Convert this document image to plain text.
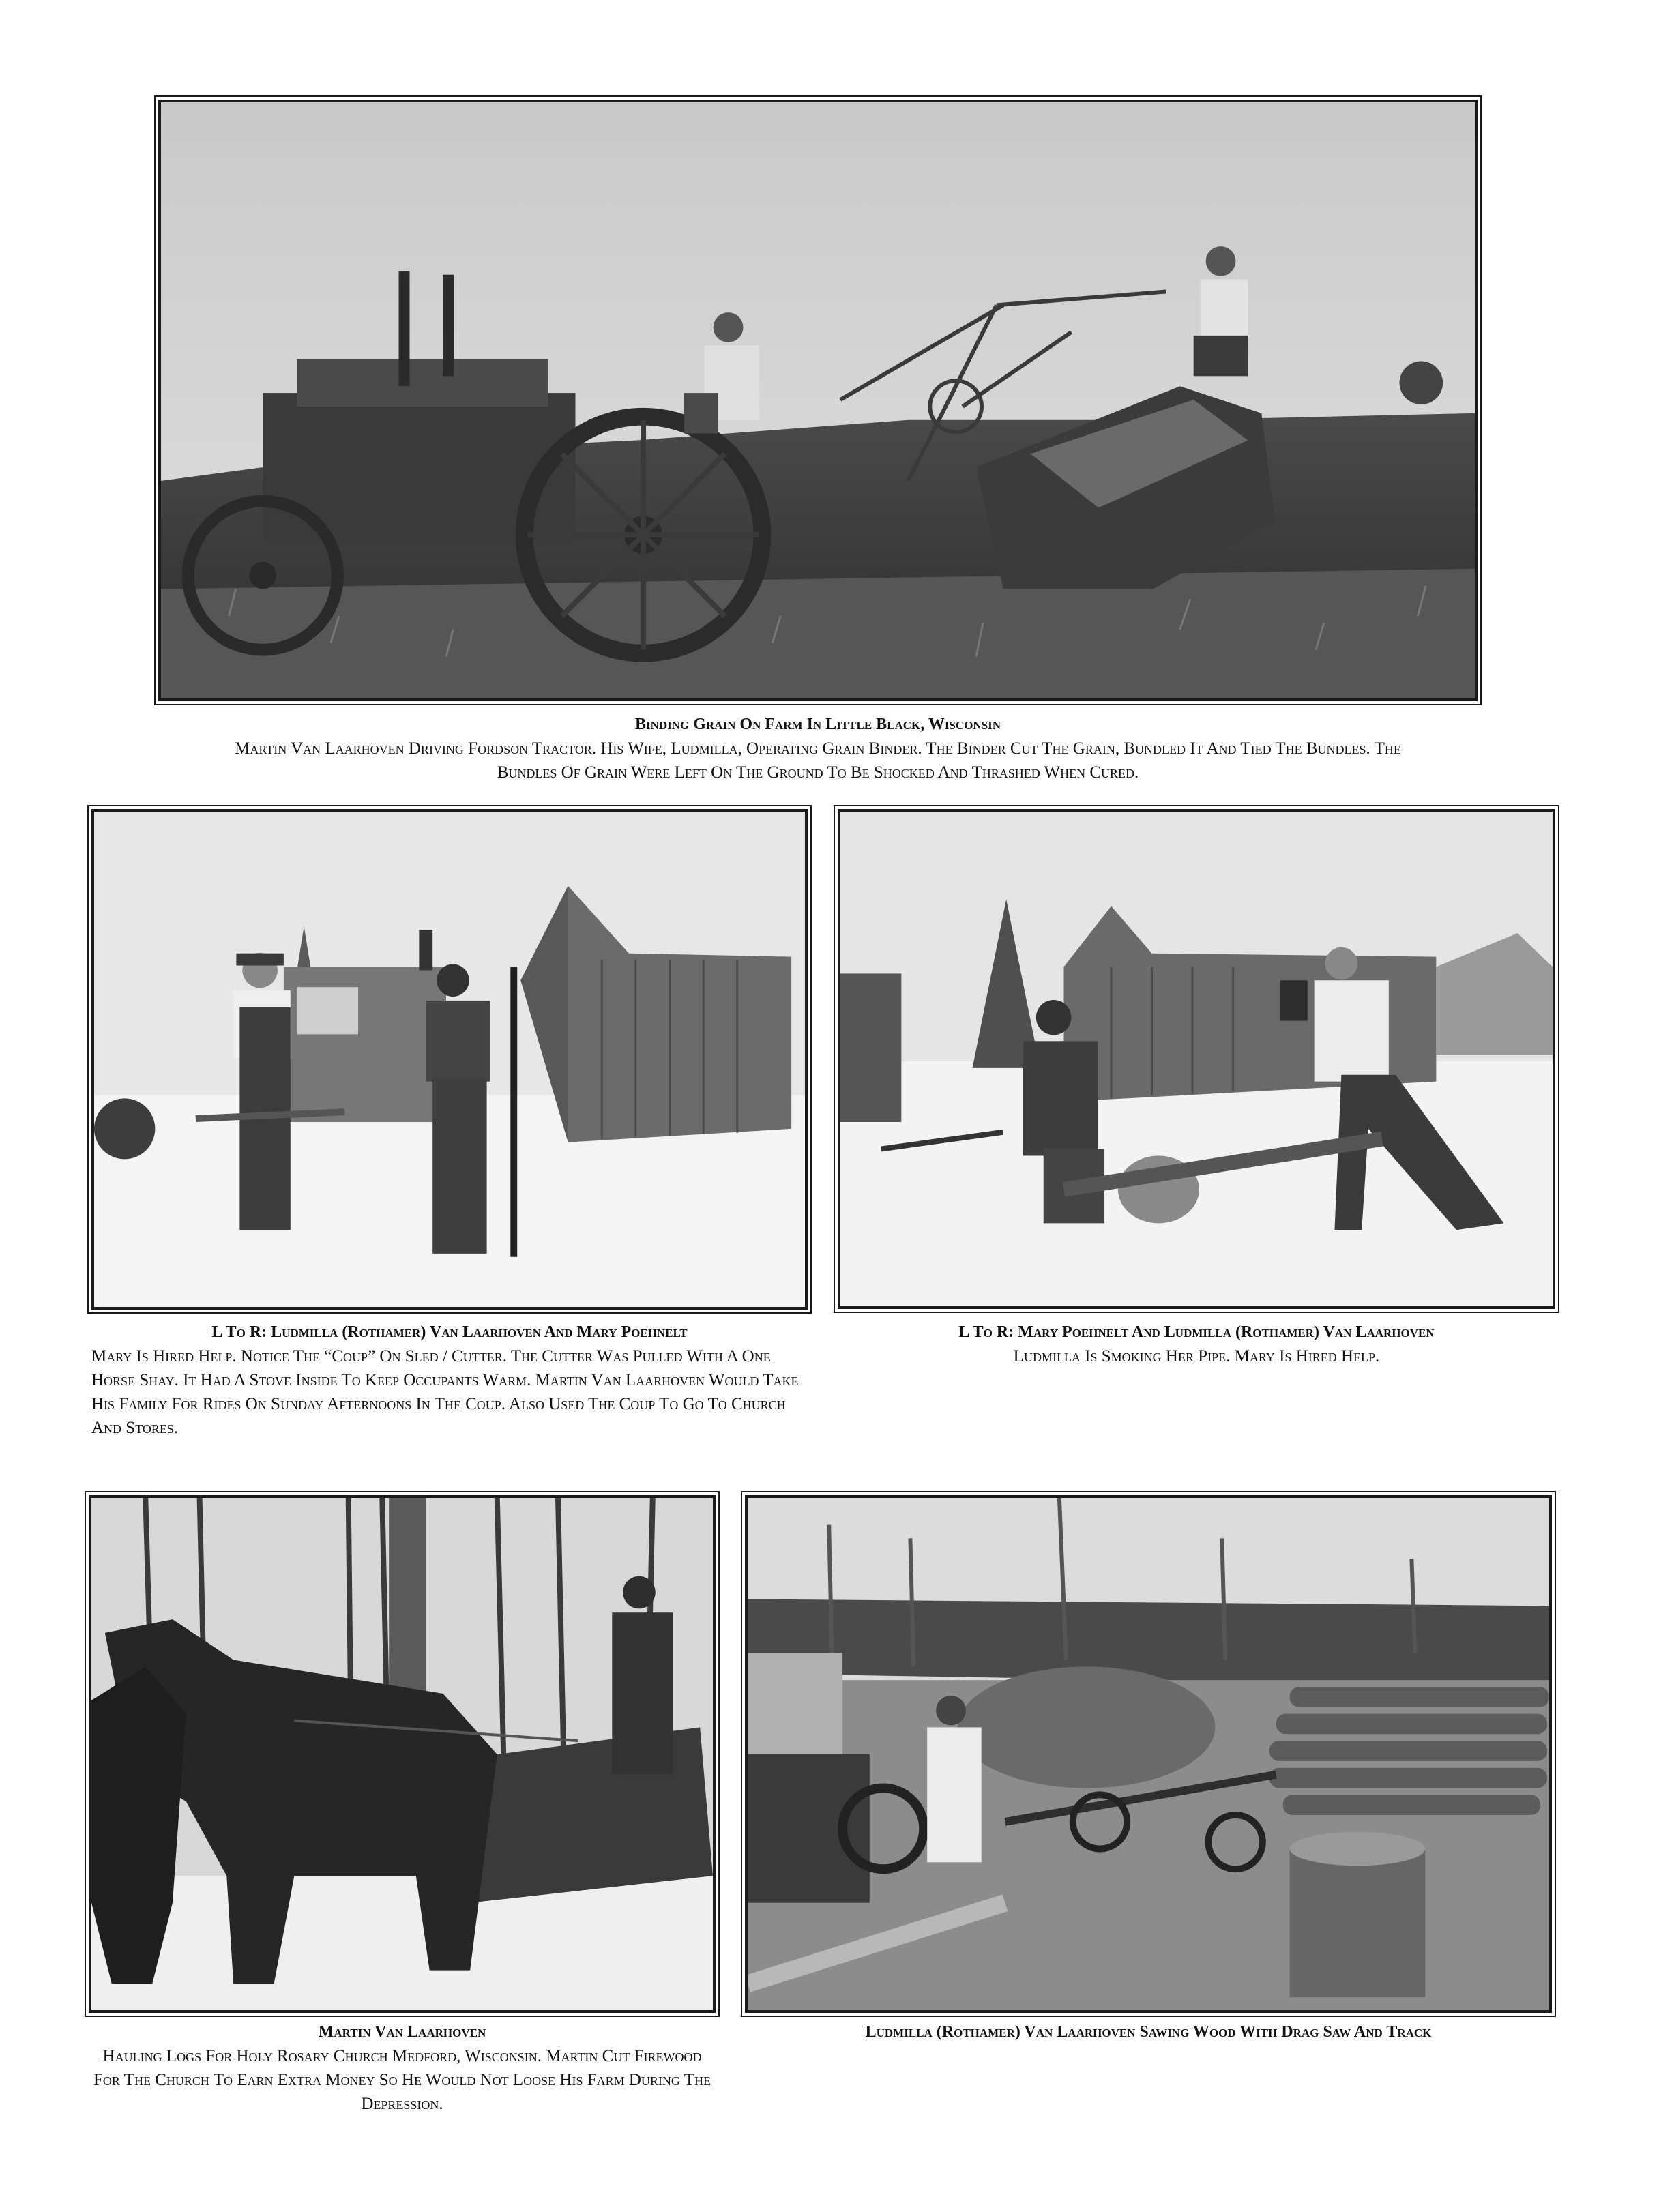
Binding Grain On Farm In Little Black, Wisconsin
Martin Van Laarhoven Driving Fordson Tractor. His Wife, Ludmilla, Operating Grain Binder. The Binder Cut The Grain, Bundled It And Tied The Bundles. The Bundles Of Grain Were Left On The Ground To Be Shocked And Thrashed When Cured.
L To R: Ludmilla (Rothamer) Van Laarhoven And Mary Poehnelt
Mary Is Hired Help. Notice The “Coup” On Sled / Cutter. The Cutter Was Pulled With A One Horse Shay. It Had A Stove Inside To Keep Occupants Warm. Martin Van Laarhoven Would Take His Family For Rides On Sunday Afternoons In The Coup. Also Used The Coup To Go To Church And Stores.
L To R: Mary Poehnelt And Ludmilla (Rothamer) Van Laarhoven
Ludmilla Is Smoking Her Pipe. Mary Is Hired Help.
Martin Van Laarhoven
Hauling Logs For Holy Rosary Church Medford, Wisconsin. Martin Cut Firewood For The Church To Earn Extra Money So He Would Not Loose His Farm During The Depression.
Ludmilla (Rothamer) Van Laarhoven Sawing Wood With Drag Saw And Track
